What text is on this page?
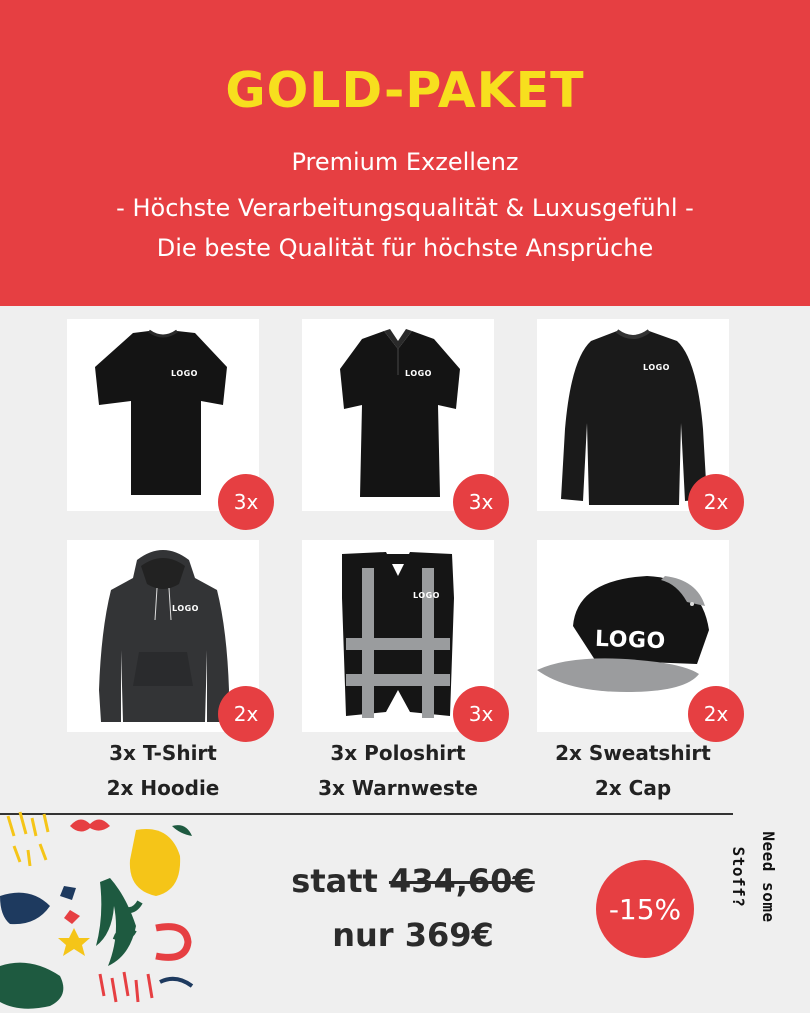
GOLD-PAKET
Premium Exzellenz
- Höchste Verarbeitungsqualität & Luxusgefühl -
Die beste Qualität für höchste Ansprüche
LOGO
3x
LOGO
3x
LOGO
2x
LOGO
2x
LOGO
3x
LOGO
2x
3x T-Shirt
2x Hoodie
3x Poloshirt
3x Warnweste
2x Sweatshirt
2x Cap
statt 434,60€
nur 369€
-15%	Need some Stoff?
